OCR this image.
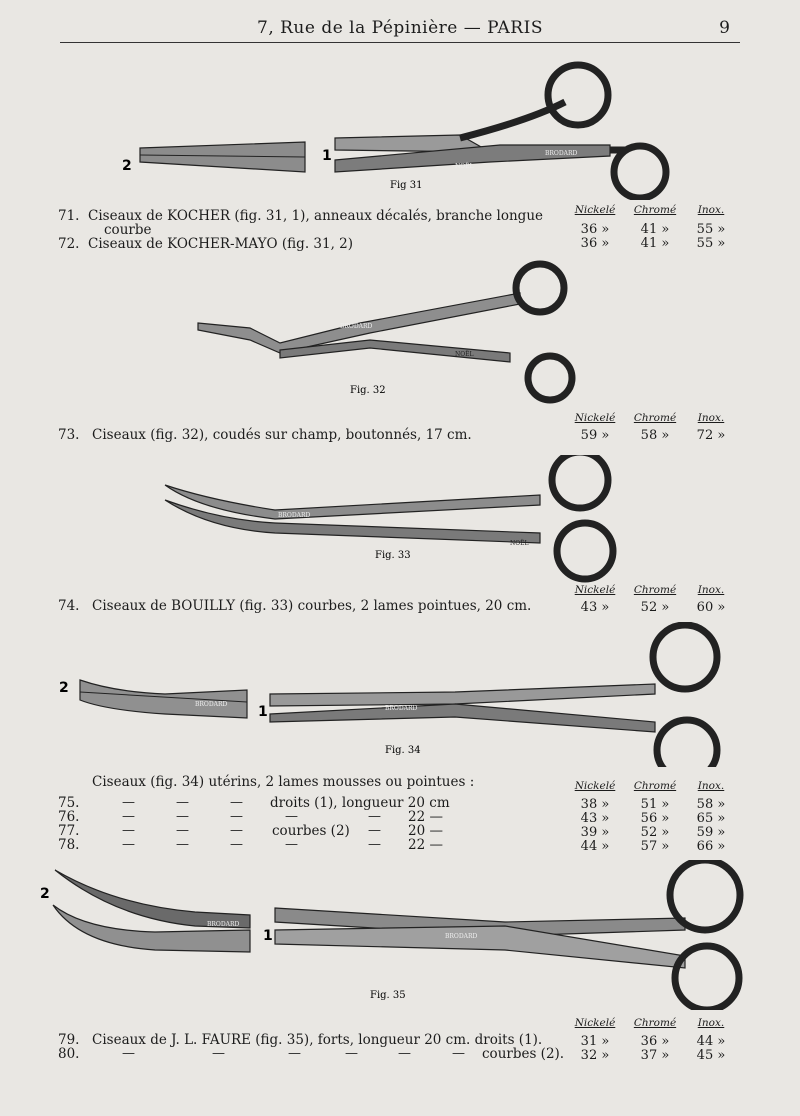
7, Rue de la Pépinière — PARIS	9
2
1	BRODARD
NOËL
Fig 31
Nickelé	Chromé	Inox.
71. Ciseaux de KOCHER (fig. 31, 1), anneaux décalés, branche longue
courbe	36 »	41 »	55 »
72. Ciseaux de KOCHER-MAYO (fig. 31, 2)	36 »	41 »	55 »
BRODARD
NOËL
Fig. 32
Nickelé	Chromé	Inox.
73. Ciseaux (fig. 32), coudés sur champ, boutonnés, 17 cm.	59 »	58 »	72 »
BRODARD
NOËL
Fig. 33
Nickelé	Chromé	Inox.
74. Ciseaux de BOUILLY (fig. 33) courbes, 2 lames pointues, 20 cm.	43 »	52 »	60 »
2
1
BRODARD
BRODARD
Fig. 34
Ciseaux (fig. 34) utérins, 2 lames mousses ou pointues :	Nickelé	Chromé	Inox.
75.	—	—	— droits (1), longueur 20 cm	38 »	51 »	58 »
76.	—	—	—	—	— 22 —	43 »	56 »	65 »
77.	—	—	— courbes (2) — 20 —	39 »	52 »	59 »
78.	—	—	—	—	— 22 —	44 »	57 »	66 »
2
1
BRODARD
BRODARD
Fig. 35
Nickelé	Chromé	Inox.
79. Ciseaux de J. L. FAURE (fig. 35), forts, longueur 20 cm. droits (1).	31 »	36 »	44 »
80.	—	—	—	—	—	— courbes (2).	32 »	37 »	45 »
